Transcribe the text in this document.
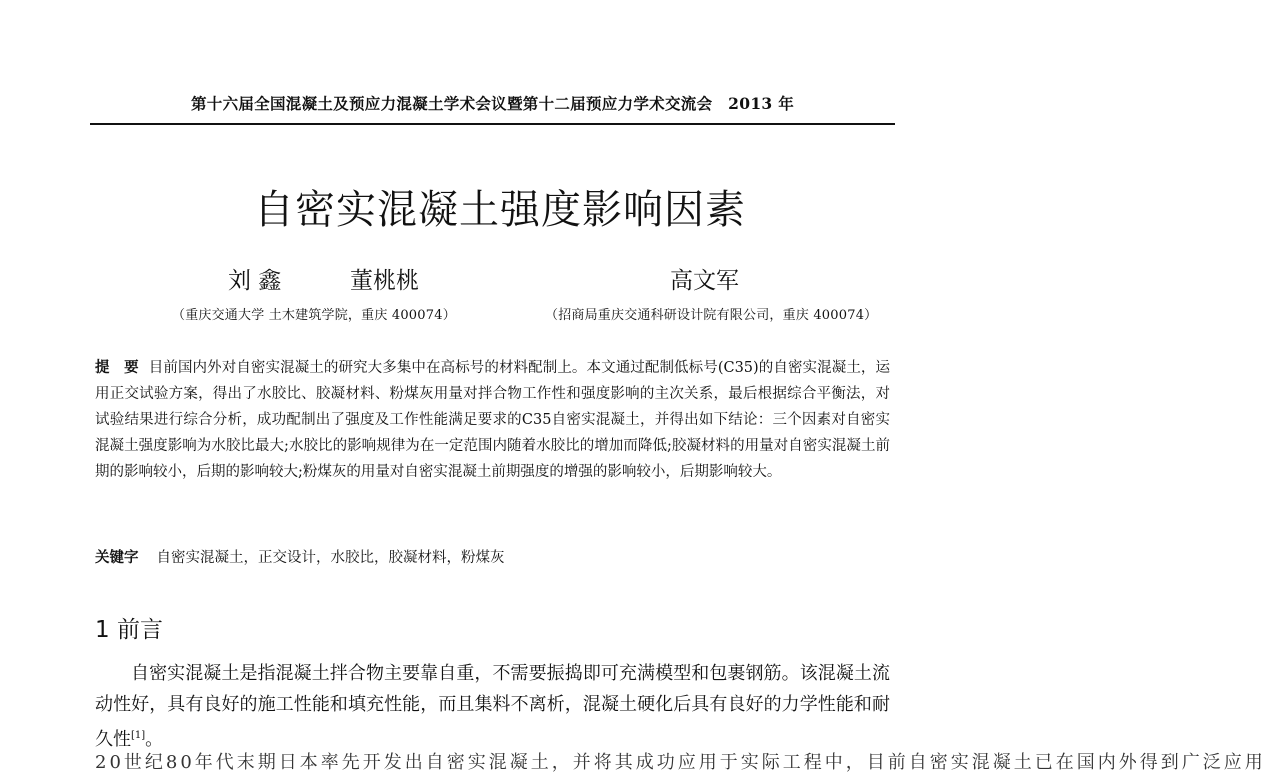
第十六届全国混凝土及预应力混凝土学术会议暨第十二届预应力学术交流会　2013 年
自密实混凝土强度影响因素
刘 鑫	董桃桃	高文军
（重庆交通大学 土木建筑学院，重庆 400074）	（招商局重庆交通科研设计院有限公司，重庆 400074）
提　要 目前国内外对自密实混凝土的研究大多集中在高标号的材料配制上。本文通过配制低标号(C35)的自密实混凝土，运用正交试验方案，得出了水胶比、胶凝材料、粉煤灰用量对拌合物工作性和强度影响的主次关系，最后根据综合平衡法，对试验结果进行综合分析，成功配制出了强度及工作性能满足要求的C35自密实混凝土，并得出如下结论：三个因素对自密实混凝土强度影响为水胶比最大;水胶比的影响规律为在一定范围内随着水胶比的增加而降低;胶凝材料的用量对自密实混凝土前期的影响较小，后期的影响较大;粉煤灰的用量对自密实混凝土前期强度的增强的影响较小，后期影响较大。
关键字 自密实混凝土，正交设计，水胶比，胶凝材料，粉煤灰
1 前言

自密实混凝土是指混凝土拌合物主要靠自重，不需要振捣即可充满模型和包裹钢筋。该混凝土流动性好，具有良好的施工性能和填充性能，而且集料不离析，混凝土硬化后具有良好的力学性能和耐久性[1]。

20世纪80年代末期日本率先开发出自密实混凝土，并将其成功应用于实际工程中，目前自密实混凝土已在国内外得到广泛应用
